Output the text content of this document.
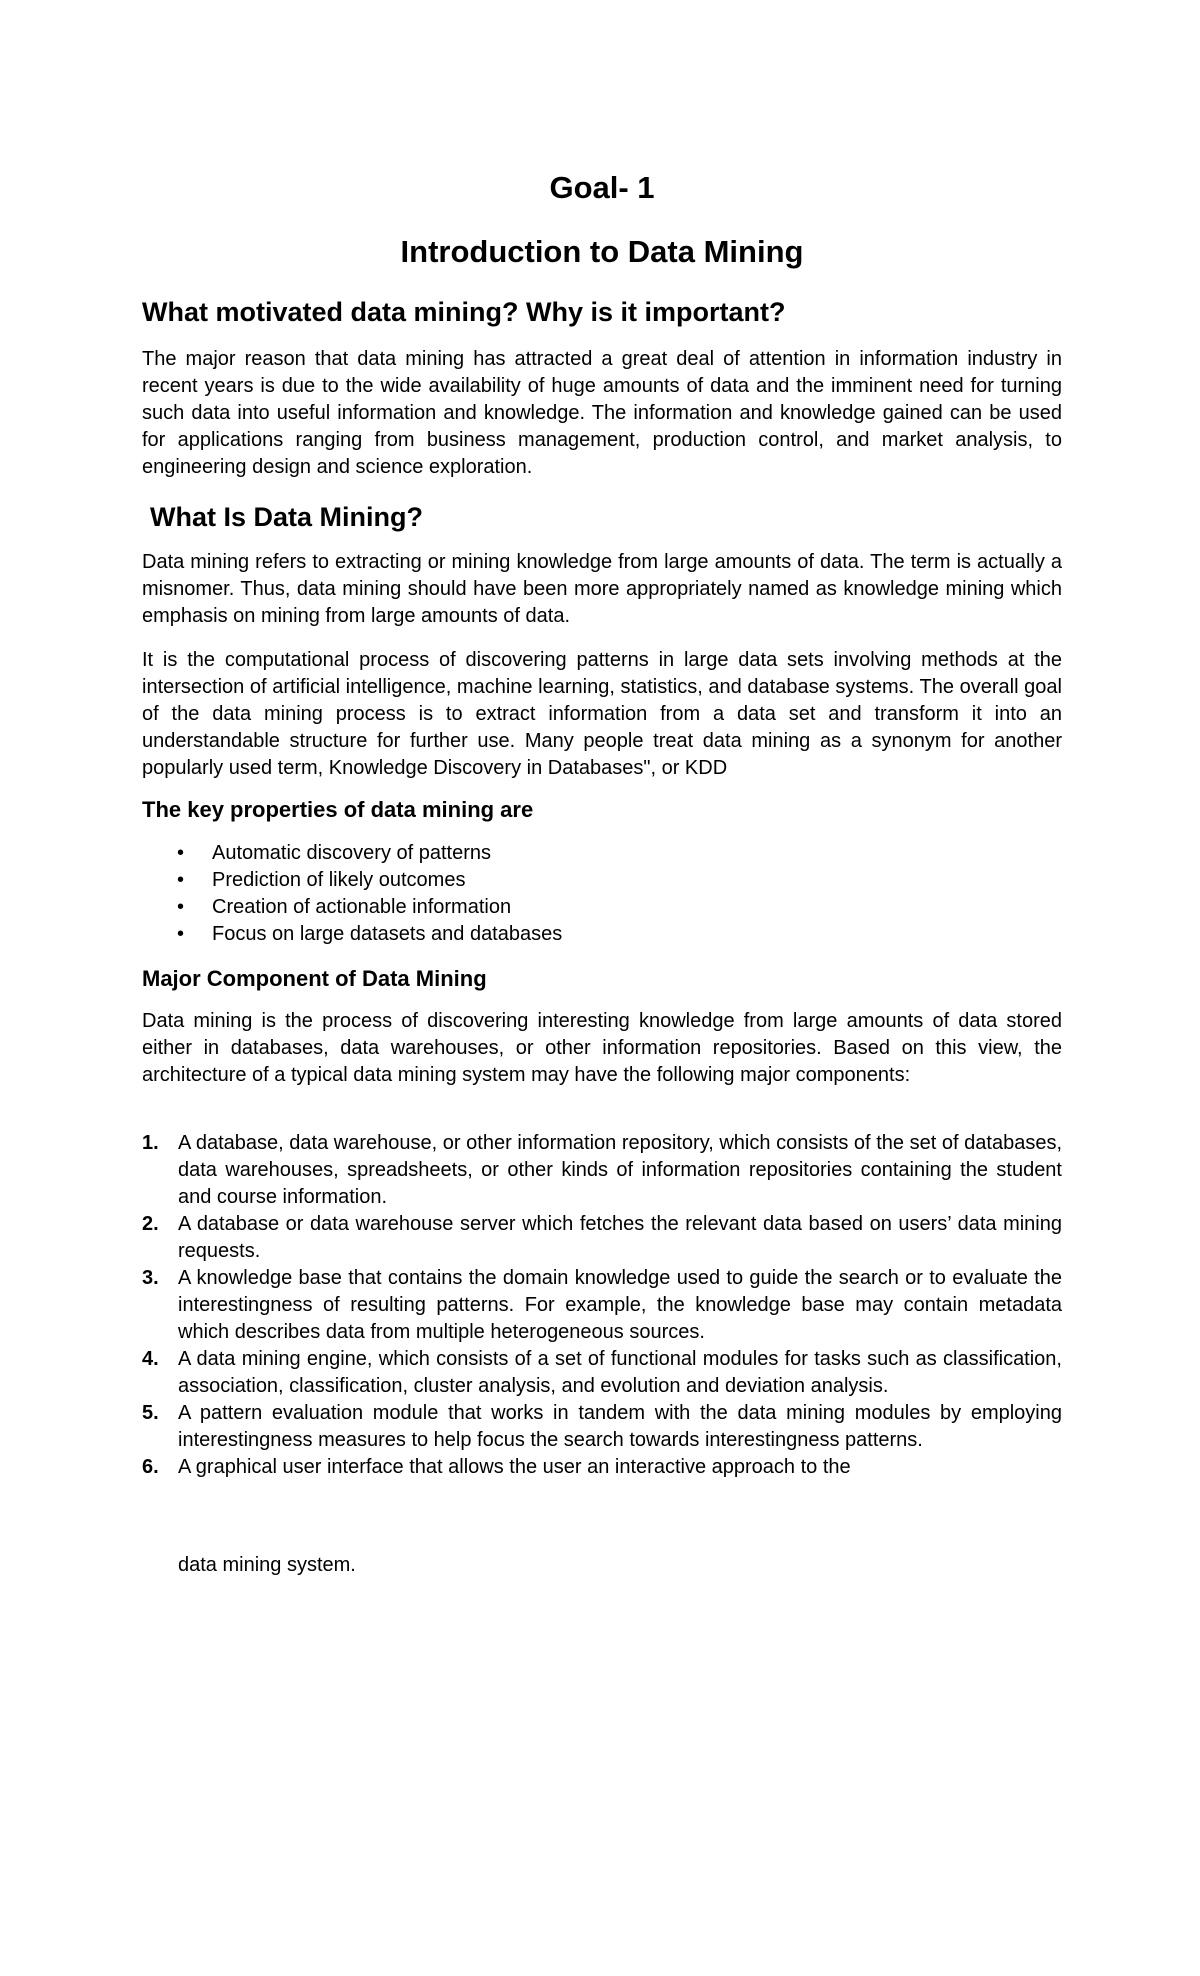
Goal- 1
Introduction to Data Mining
What motivated data mining? Why is it important?

The major reason that data mining has attracted a great deal of attention in information industry in recent years is due to the wide availability of huge amounts of data and the imminent need for turning such data into useful information and knowledge. The information and knowledge gained can be used for applications ranging from business management, production control, and market analysis, to engineering design and science exploration.

What Is Data Mining?

Data mining refers to extracting or mining knowledge from large amounts of data. The term is actually a misnomer. Thus, data mining should have been more appropriately named as knowledge mining which emphasis on mining from large amounts of data.

It is the computational process of discovering patterns in large data sets involving methods at the intersection of artificial intelligence, machine learning, statistics, and database systems. The overall goal of the data mining process is to extract information from a data set and transform it into an understandable structure for further use. Many people treat data mining as a synonym for another popularly used term, Knowledge Discovery in Databases", or KDD

The key properties of data mining are
• Automatic discovery of patterns
• Prediction of likely outcomes
• Creation of actionable information
• Focus on large datasets and databases
Major Component of Data Mining

Data mining is the process of discovering interesting knowledge from large amounts of data stored either in databases, data warehouses, or other information repositories. Based on this view, the architecture of a typical data mining system may have the following major components:

1. A database, data warehouse, or other information repository, which consists of the set of databases, data warehouses, spreadsheets, or other kinds of information repositories containing the student and course information.
2. A database or data warehouse server which fetches the relevant data based on users’ data mining requests.
3. A knowledge base that contains the domain knowledge used to guide the search or to evaluate the interestingness of resulting patterns. For example, the knowledge base may contain metadata which describes data from multiple heterogeneous sources.
4. A data mining engine, which consists of a set of functional modules for tasks such as classification, association, classification, cluster analysis, and evolution and deviation analysis.
5. A pattern evaluation module that works in tandem with the data mining modules by employing interestingness measures to help focus the search towards interestingness patterns.
6. A graphical user interface that allows the user an interactive approach to the

data mining system.
